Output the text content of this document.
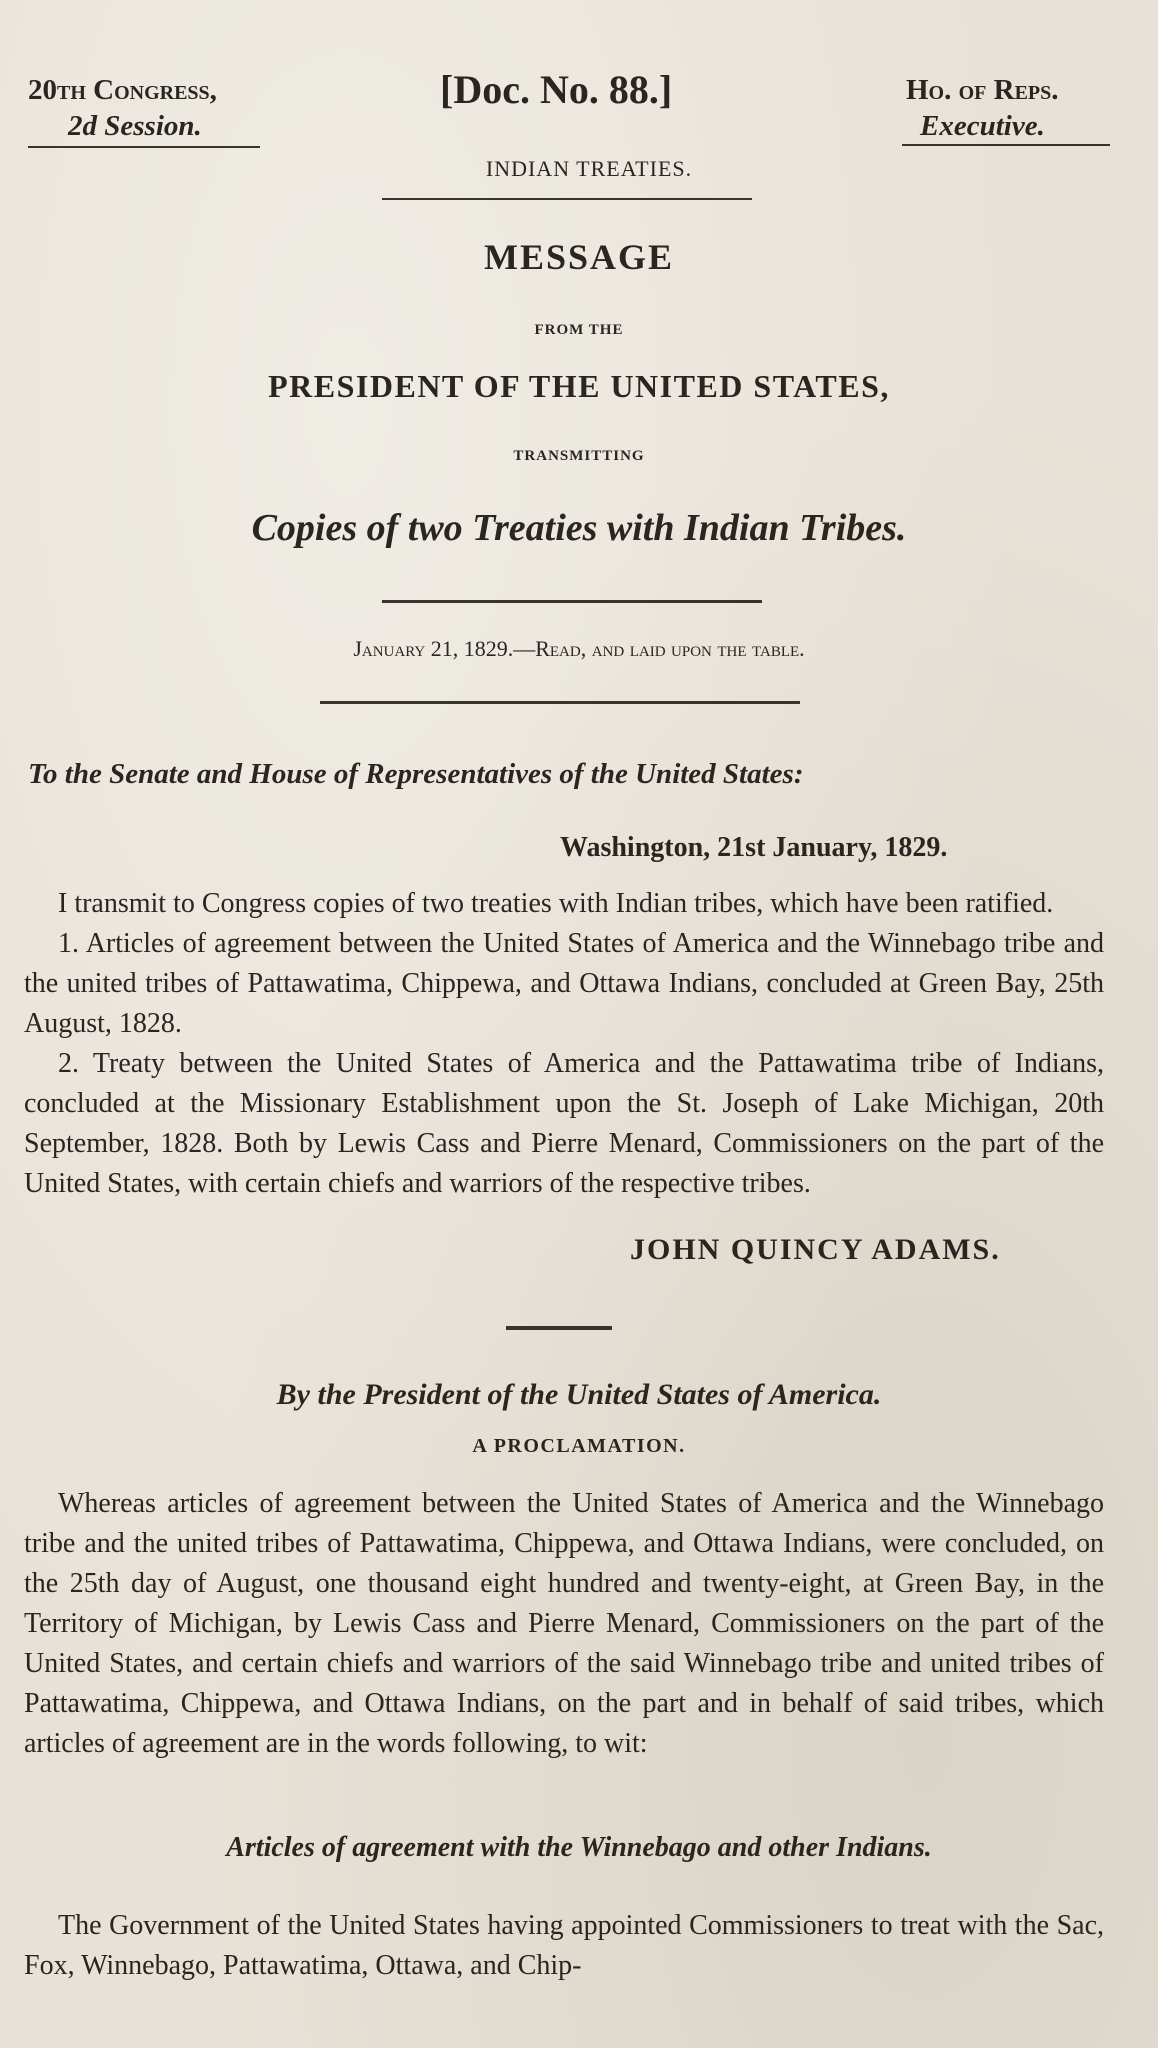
20th Congress,
2d Session.
[Doc. No. 88.]	Ho. of Reps.
Executive.
INDIAN TREATIES.
MESSAGE
FROM THE
PRESIDENT OF THE UNITED STATES,
TRANSMITTING
Copies of two Treaties with Indian Tribes.
January 21, 1829.—Read, and laid upon the table.
To the Senate and House of Representatives of the United States:
Washington, 21st January, 1829.

I transmit to Congress copies of two treaties with Indian tribes, which have been ratified.

1. Articles of agreement between the United States of America and the Winnebago tribe and the united tribes of Pattawatima, Chippewa, and Ottawa Indians, concluded at Green Bay, 25th August, 1828.

2. Treaty between the United States of America and the Pattawatima tribe of Indians, concluded at the Missionary Establishment upon the St. Joseph of Lake Michigan, 20th September, 1828. Both by Lewis Cass and Pierre Menard, Commissioners on the part of the United States, with certain chiefs and warriors of the respective tribes.

JOHN QUINCY ADAMS.
By the President of the United States of America.
A PROCLAMATION.

Whereas articles of agreement between the United States of America and the Winnebago tribe and the united tribes of Pattawatima, Chippewa, and Ottawa Indians, were concluded, on the 25th day of August, one thousand eight hundred and twenty-eight, at Green Bay, in the Territory of Michigan, by Lewis Cass and Pierre Menard, Commissioners on the part of the United States, and certain chiefs and warriors of the said Winnebago tribe and united tribes of Pattawatima, Chippewa, and Ottawa Indians, on the part and in behalf of said tribes, which articles of agreement are in the words following, to wit:

Articles of agreement with the Winnebago and other Indians.

The Government of the United States having appointed Commissioners to treat with the Sac, Fox, Winnebago, Pattawatima, Ottawa, and Chip-
